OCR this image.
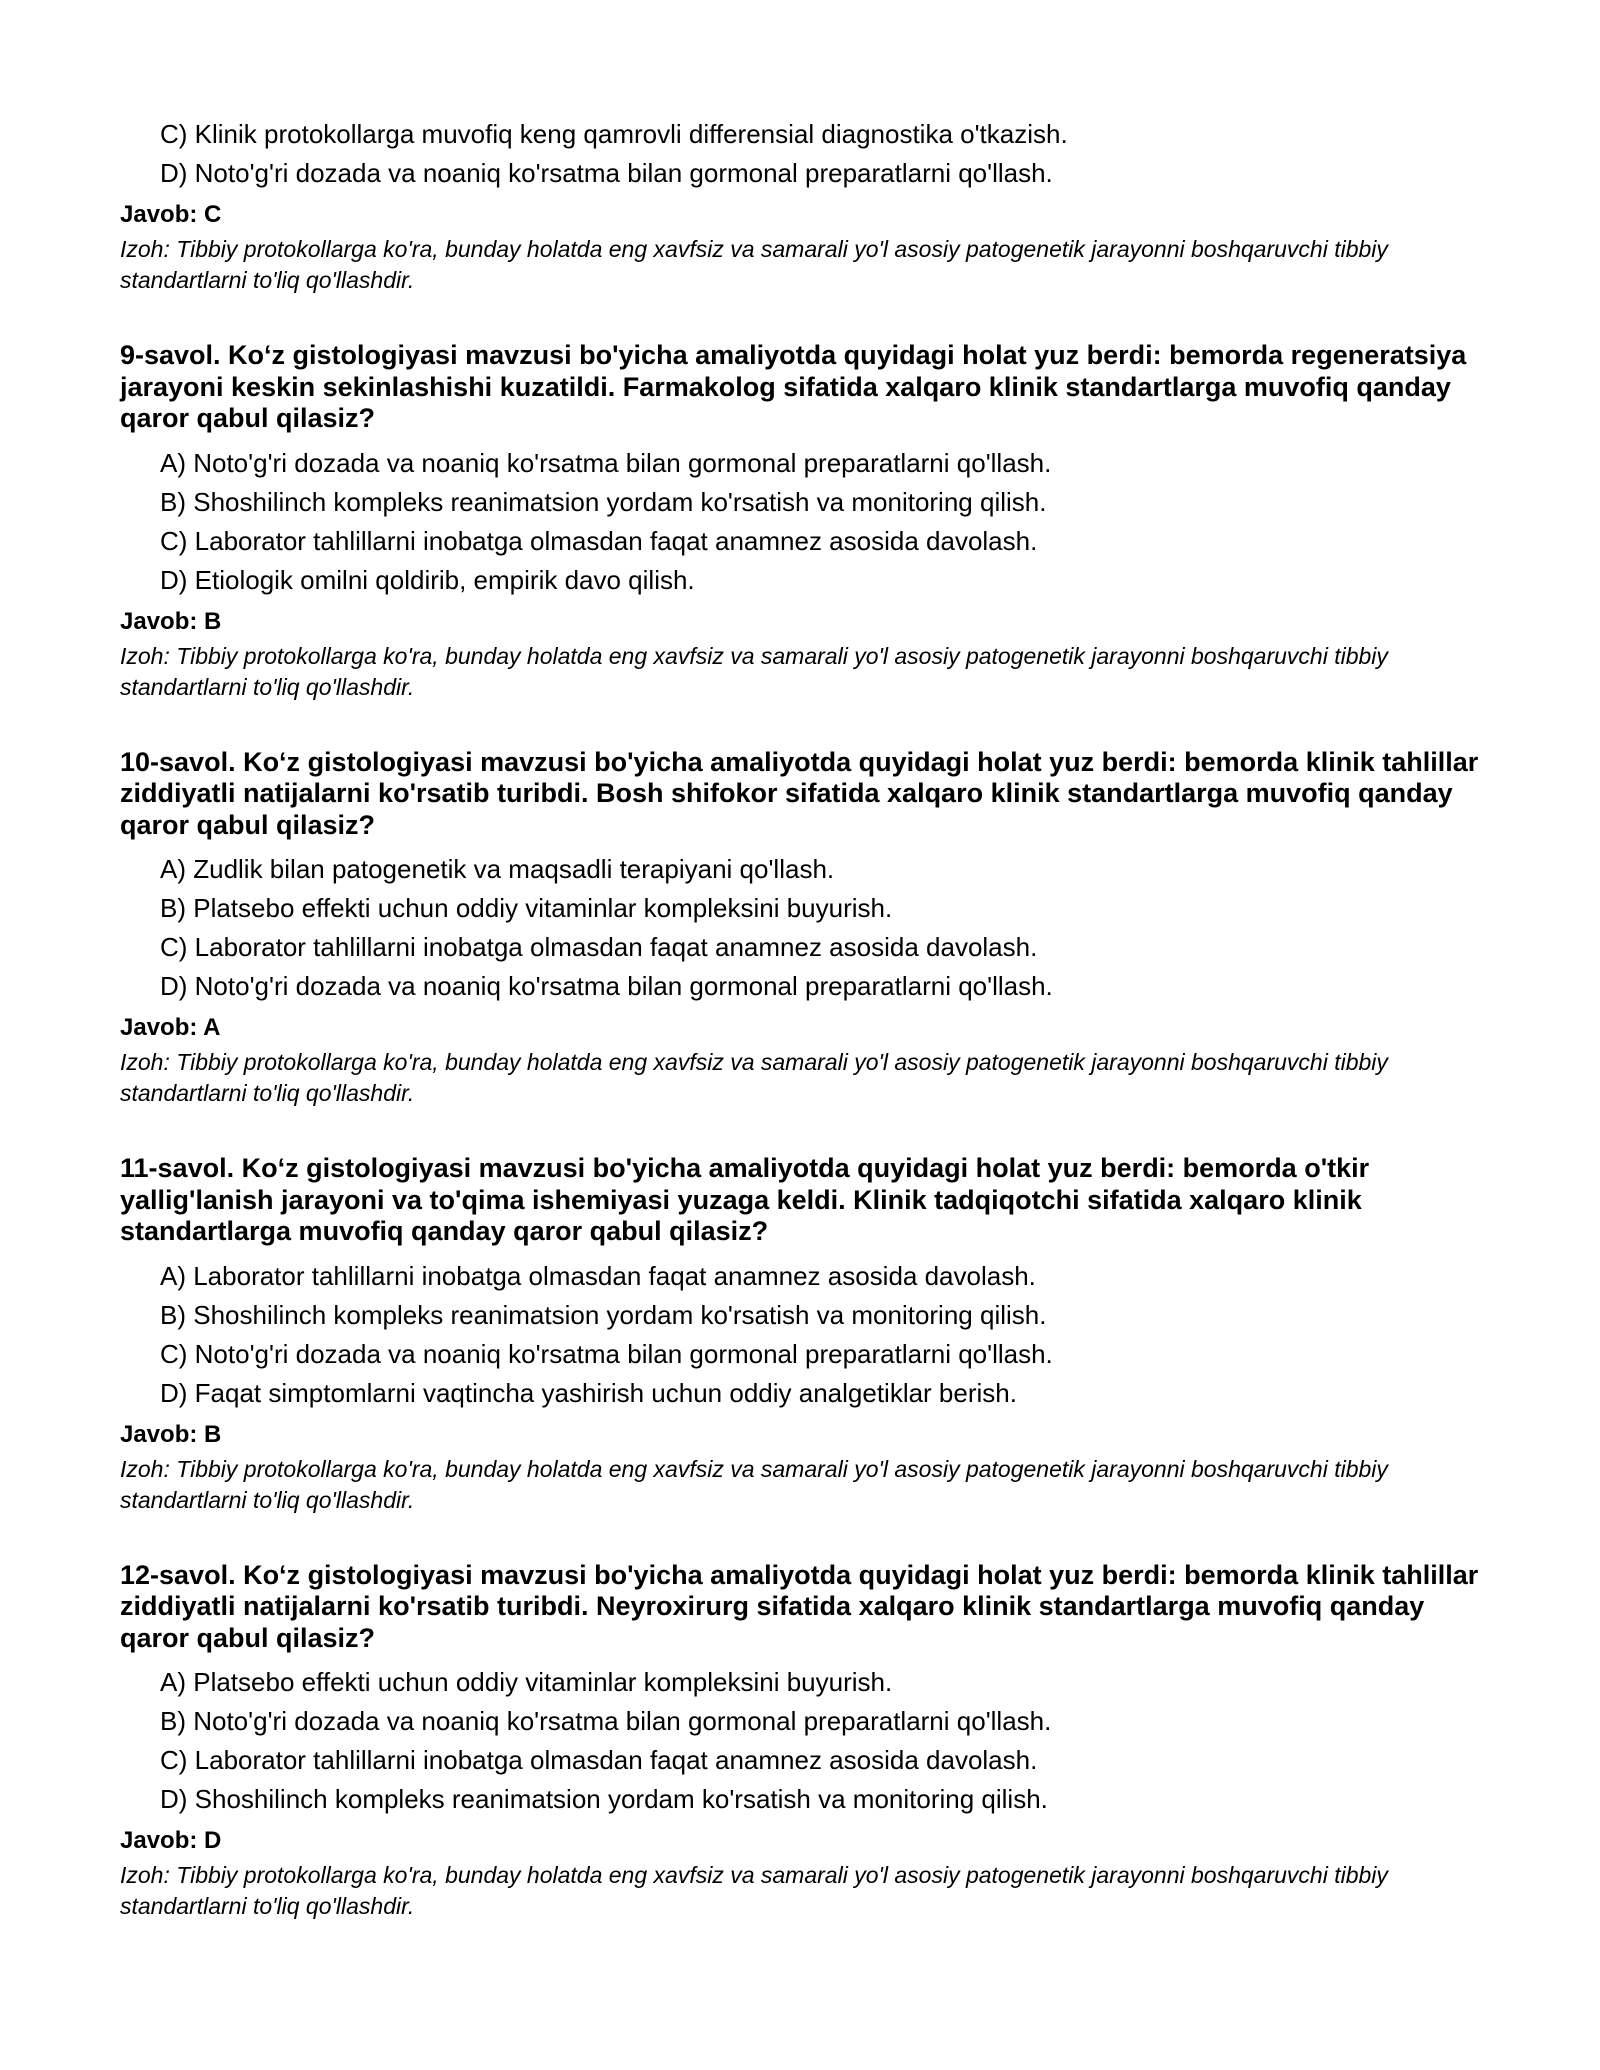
C) Klinik protokollarga muvofiq keng qamrovli differensial diagnostika o'tkazish.
D) Noto'g'ri dozada va noaniq ko'rsatma bilan gormonal preparatlarni qo'llash.
Javob: C
Izoh: Tibbiy protokollarga ko'ra, bunday holatda eng xavfsiz va samarali yo'l asosiy patogenetik jarayonni boshqaruvchi tibbiy standartlarni to'liq qo'llashdir.
9-savol. Ko‘z gistologiyasi mavzusi bo'yicha amaliyotda quyidagi holat yuz berdi: bemorda regeneratsiya jarayoni keskin sekinlashishi kuzatildi. Farmakolog sifatida xalqaro klinik standartlarga muvofiq qanday qaror qabul qilasiz?
A) Noto'g'ri dozada va noaniq ko'rsatma bilan gormonal preparatlarni qo'llash.
B) Shoshilinch kompleks reanimatsion yordam ko'rsatish va monitoring qilish.
C) Laborator tahlillarni inobatga olmasdan faqat anamnez asosida davolash.
D) Etiologik omilni qoldirib, empirik davo qilish.
Javob: B
Izoh: Tibbiy protokollarga ko'ra, bunday holatda eng xavfsiz va samarali yo'l asosiy patogenetik jarayonni boshqaruvchi tibbiy standartlarni to'liq qo'llashdir.
10-savol. Ko‘z gistologiyasi mavzusi bo'yicha amaliyotda quyidagi holat yuz berdi: bemorda klinik tahlillar ziddiyatli natijalarni ko'rsatib turibdi. Bosh shifokor sifatida xalqaro klinik standartlarga muvofiq qanday qaror qabul qilasiz?
A) Zudlik bilan patogenetik va maqsadli terapiyani qo'llash.
B) Platsebo effekti uchun oddiy vitaminlar kompleksini buyurish.
C) Laborator tahlillarni inobatga olmasdan faqat anamnez asosida davolash.
D) Noto'g'ri dozada va noaniq ko'rsatma bilan gormonal preparatlarni qo'llash.
Javob: A
Izoh: Tibbiy protokollarga ko'ra, bunday holatda eng xavfsiz va samarali yo'l asosiy patogenetik jarayonni boshqaruvchi tibbiy standartlarni to'liq qo'llashdir.
11-savol. Ko‘z gistologiyasi mavzusi bo'yicha amaliyotda quyidagi holat yuz berdi: bemorda o'tkir yallig'lanish jarayoni va to'qima ishemiyasi yuzaga keldi. Klinik tadqiqotchi sifatida xalqaro klinik standartlarga muvofiq qanday qaror qabul qilasiz?
A) Laborator tahlillarni inobatga olmasdan faqat anamnez asosida davolash.
B) Shoshilinch kompleks reanimatsion yordam ko'rsatish va monitoring qilish.
C) Noto'g'ri dozada va noaniq ko'rsatma bilan gormonal preparatlarni qo'llash.
D) Faqat simptomlarni vaqtincha yashirish uchun oddiy analgetiklar berish.
Javob: B
Izoh: Tibbiy protokollarga ko'ra, bunday holatda eng xavfsiz va samarali yo'l asosiy patogenetik jarayonni boshqaruvchi tibbiy standartlarni to'liq qo'llashdir.
12-savol. Ko‘z gistologiyasi mavzusi bo'yicha amaliyotda quyidagi holat yuz berdi: bemorda klinik tahlillar ziddiyatli natijalarni ko'rsatib turibdi. Neyroxirurg sifatida xalqaro klinik standartlarga muvofiq qanday qaror qabul qilasiz?
A) Platsebo effekti uchun oddiy vitaminlar kompleksini buyurish.
B) Noto'g'ri dozada va noaniq ko'rsatma bilan gormonal preparatlarni qo'llash.
C) Laborator tahlillarni inobatga olmasdan faqat anamnez asosida davolash.
D) Shoshilinch kompleks reanimatsion yordam ko'rsatish va monitoring qilish.
Javob: D
Izoh: Tibbiy protokollarga ko'ra, bunday holatda eng xavfsiz va samarali yo'l asosiy patogenetik jarayonni boshqaruvchi tibbiy standartlarni to'liq qo'llashdir.
